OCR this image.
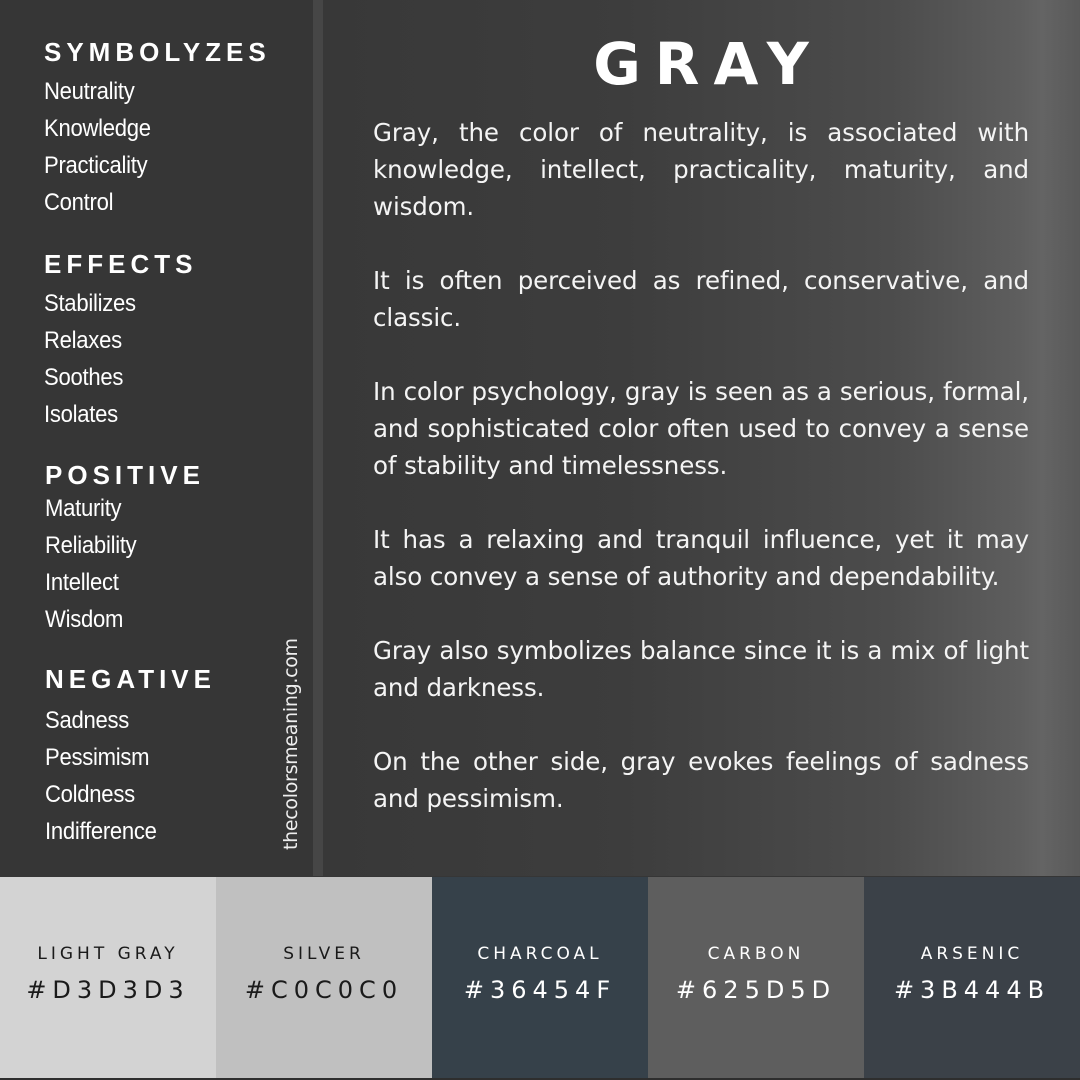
SYMBOLYZES
Neutrality
Knowledge
Practicality
Control
EFFECTS
Stabilizes
Relaxes
Soothes
Isolates
POSITIVE
Maturity
Reliability
Intellect
Wisdom
NEGATIVE
Sadness
Pessimism
Coldness
Indifference	thecolorsmeaning.com
GRAY

Gray, the color of neutrality, is associated with knowledge, intellect, practicality, maturity, and wisdom.

It is often perceived as refined, conservative, and classic.

In color psychology, gray is seen as a serious, formal, and sophisticated color often used to convey a sense of stability and timelessness.

It has a relaxing and tranquil influence, yet it may also convey a sense of authority and dependability.

Gray also symbolizes balance since it is a mix of light and darkness.

On the other side, gray evokes feelings of sadness and pessimism.

LIGHT GRAY
#D3D3D3
SILVER
#C0C0C0
CHARCOAL
#36454F
CARBON
#625D5D
ARSENIC
#3B444B
